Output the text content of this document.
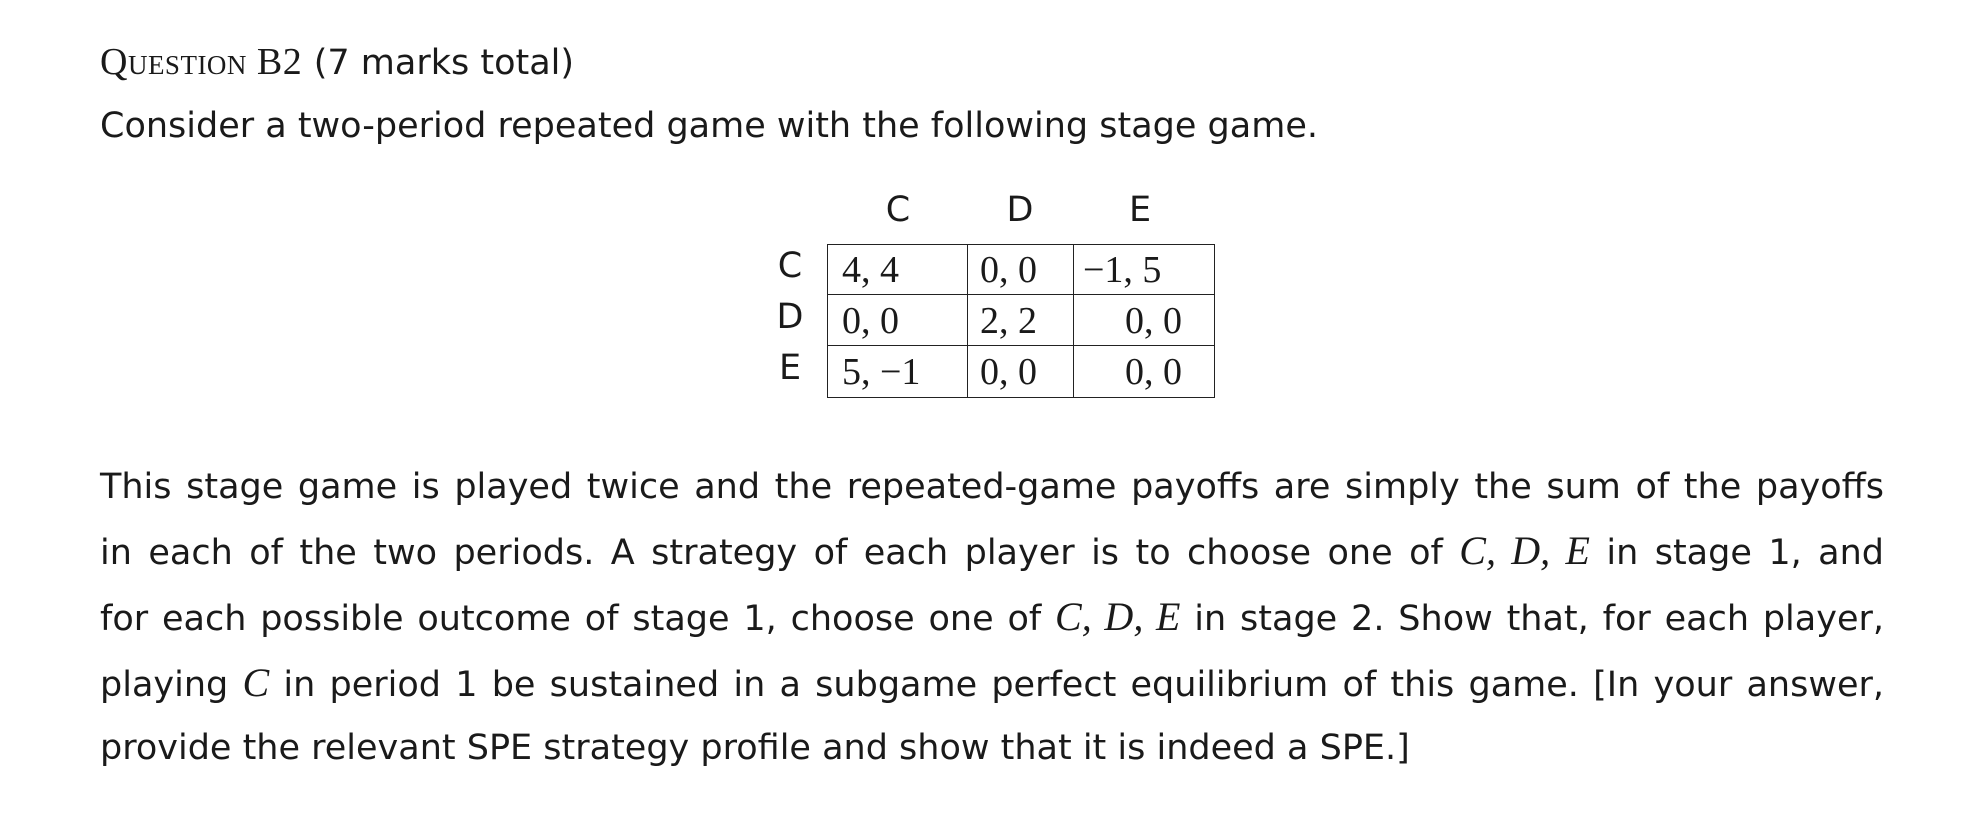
Question B2 (7 marks total)
Consider a two-period repeated game with the following stage game.
C	D	E
C
D
E
4, 4 0, 0 −1, 5
0, 0 2, 2 0, 0
5, −1 0, 0 0, 0
This stage game is played twice and the repeated-game payoffs are simply the sum of the payoffs
in each of the two periods. A strategy of each player is to choose one of C, D, E in stage 1, and
for each possible outcome of stage 1, choose one of C, D, E in stage 2. Show that, for each player,
playing C in period 1 be sustained in a subgame perfect equilibrium of this game. [In your answer,
provide the relevant SPE strategy profile and show that it is indeed a SPE.]
